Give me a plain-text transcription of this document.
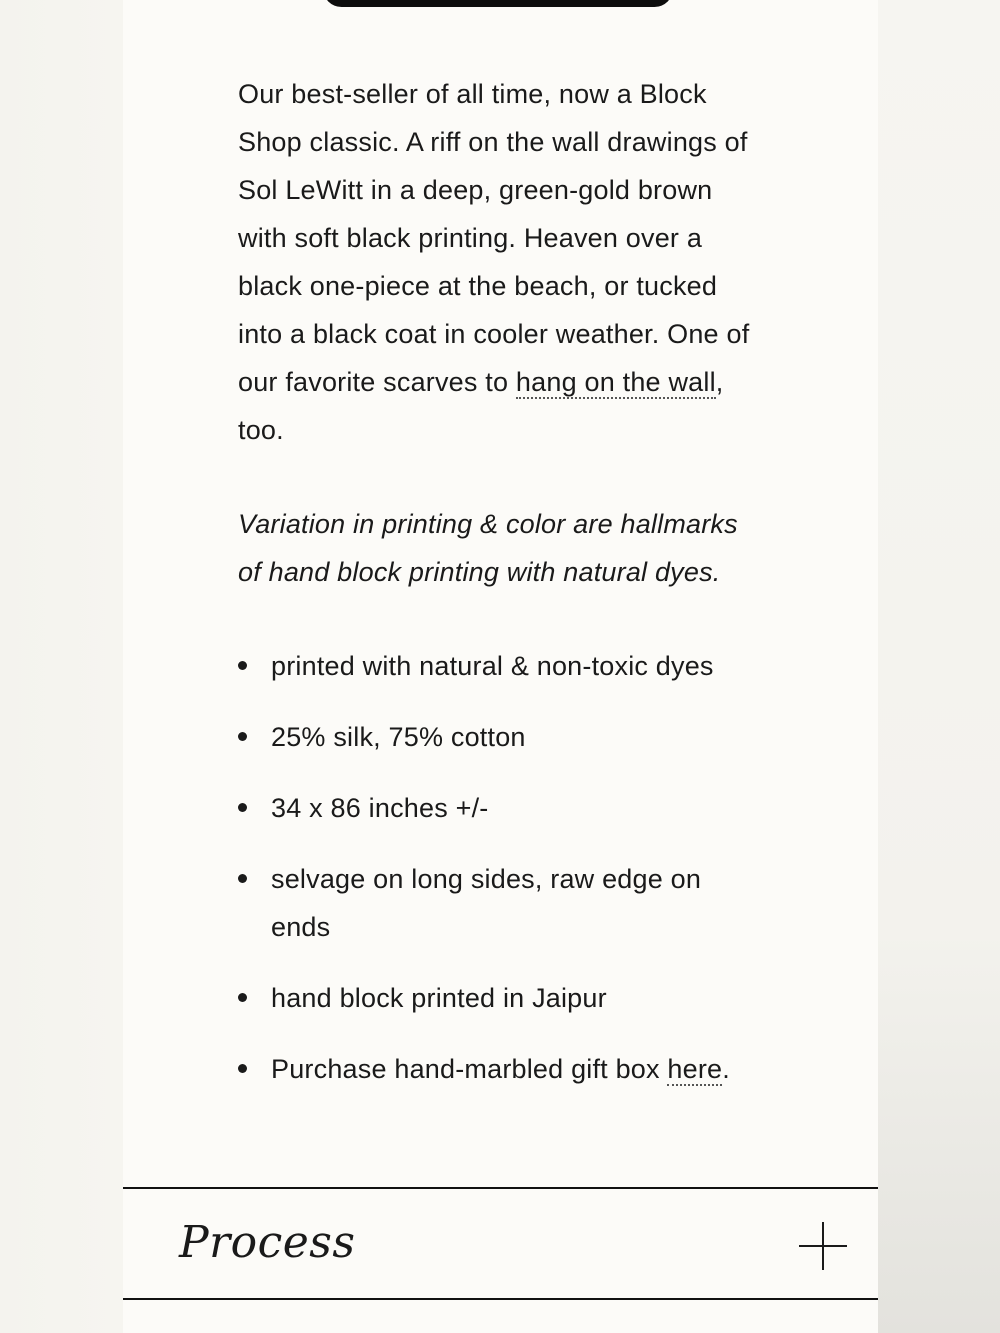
Our best-seller of all time, now a Block Shop classic. A riff on the wall drawings of Sol LeWitt in a deep, green-gold brown with soft black printing. Heaven over a black one-piece at the beach, or tucked into a black coat in cooler weather. One of our favorite scarves to hang on the wall, too.

Variation in printing & color are hallmarks of hand block printing with natural dyes.

printed with natural & non-toxic dyes
25% silk, 75% cotton
34 x 86 inches +/-
selvage on long sides, raw edge on ends
hand block printed in Jaipur
Purchase hand-marbled gift box here.
Process
